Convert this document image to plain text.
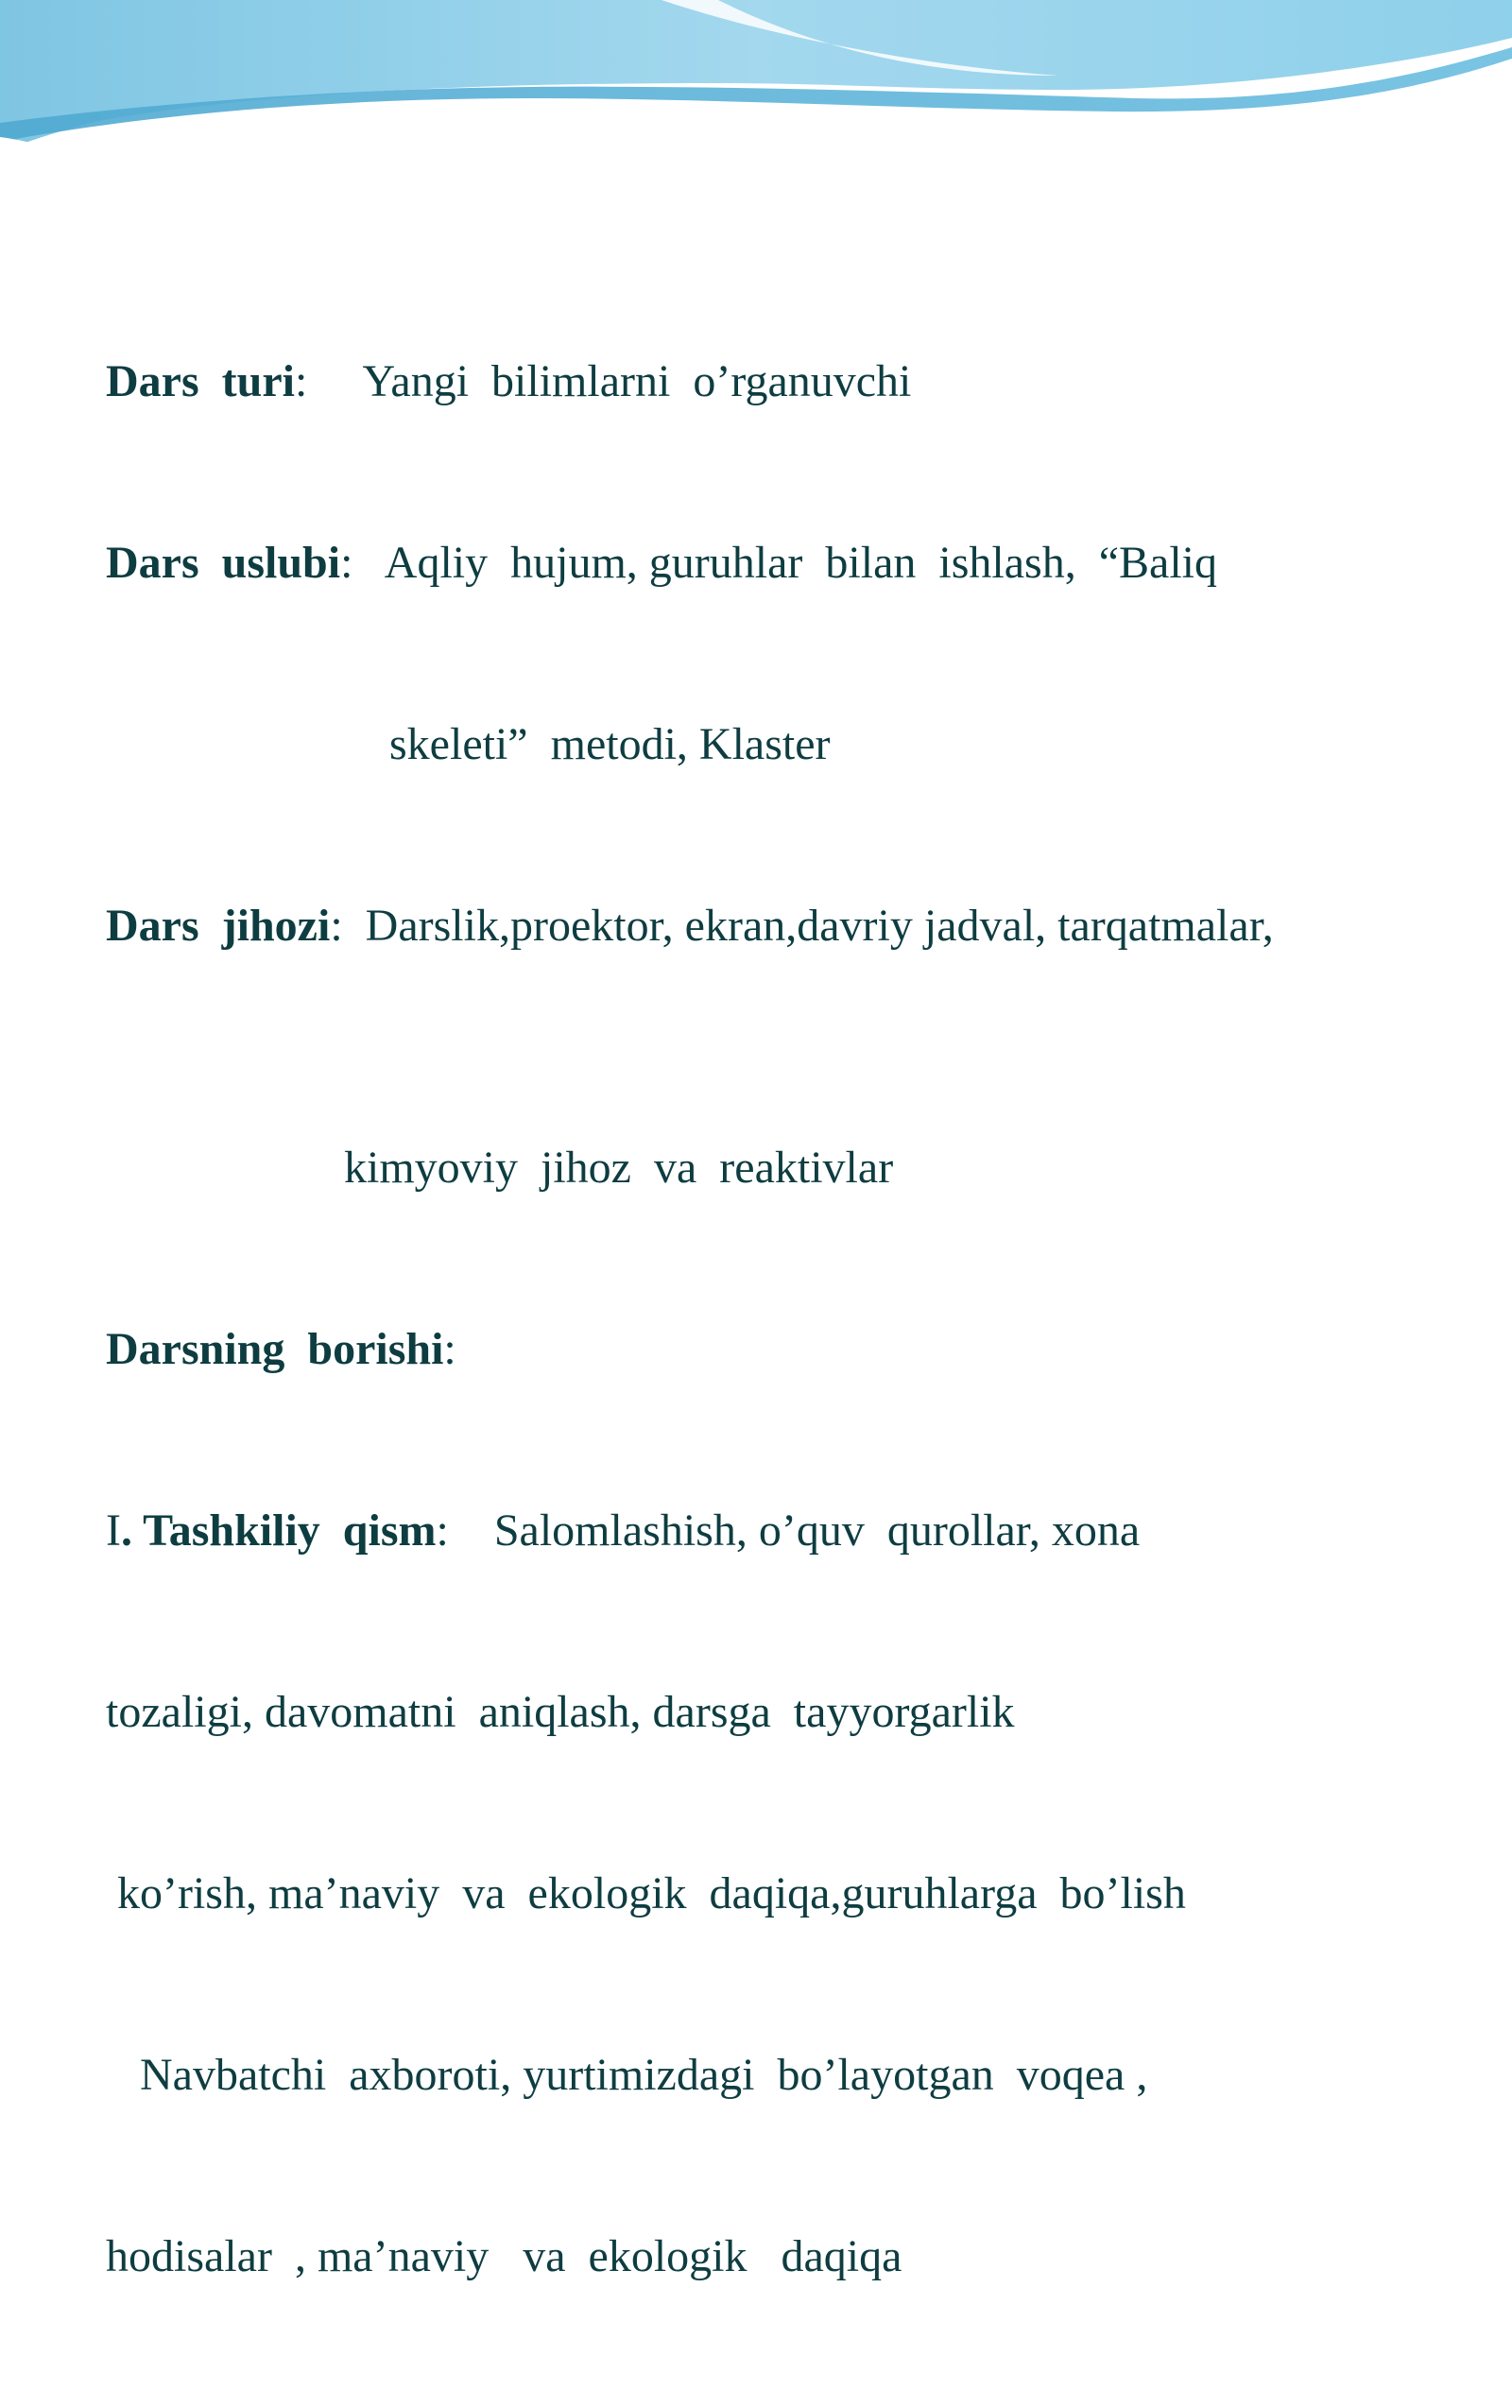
Dars  turi:     Yangi  bilimlarni  o’rganuvchi

Dars  uslubi:   Aqliy  hujum, guruhlar  bilan  ishlash,  “Baliq

skeleti”  metodi, Klaster

Dars  jihozi:  Darslik,proektor, ekran,davriy jadval, tarqatmalar,

kimyoviy  jihoz  va  reaktivlar

Darsning  borishi:

I. Tashkiliy  qism:    Salomlashish, o’quv  qurollar, xona

tozaligi, davomatni  aniqlash, darsga  tayyorgarlik

ko’rish, ma’naviy  va  ekologik  daqiqa,guruhlarga  bo’lish

Navbatchi  axboroti, yurtimizdagi  bo’layotgan  voqea ,

hodisalar  , ma’naviy   va  ekologik   daqiqa
